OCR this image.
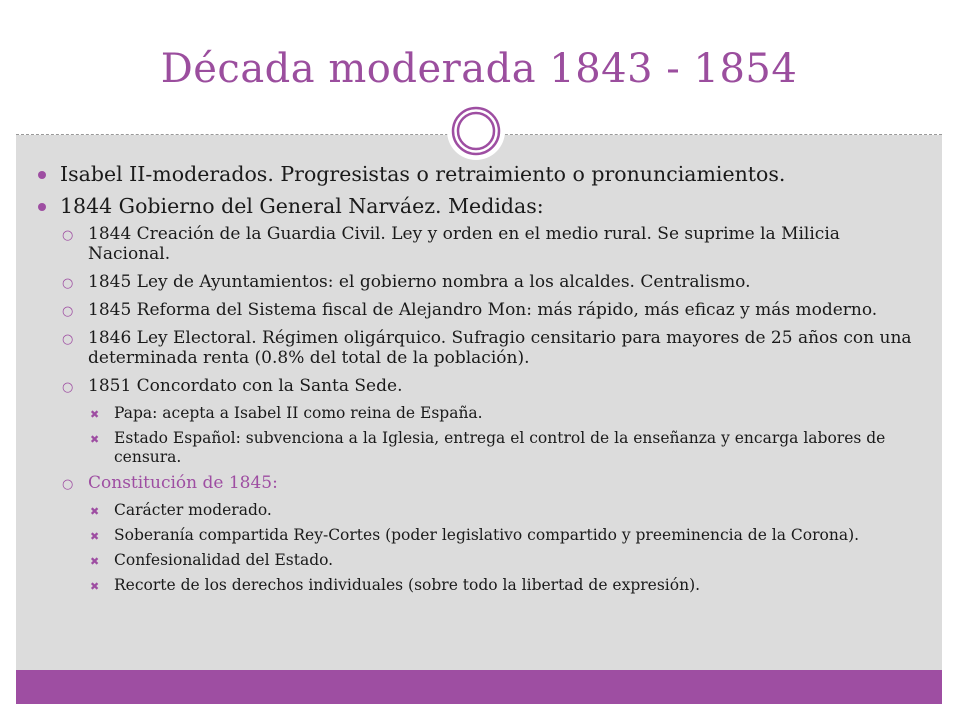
Década moderada 1843 - 1854
Isabel II-moderados. Progresistas o retraimiento o pronunciamientos.
1844 Gobierno del General Narváez. Medidas:
○ 1844 Creación de la Guardia Civil. Ley y orden en el medio rural. Se suprime la Milicia Nacional.
○ 1845 Ley de Ayuntamientos: el gobierno nombra a los alcaldes. Centralismo.
○ 1845 Reforma del Sistema fiscal de Alejandro Mon: más rápido, más eficaz y más moderno.
○ 1846 Ley Electoral. Régimen oligárquico. Sufragio censitario para mayores de 25 años con una determinada renta (0.8% del total de la población).
○ 1851 Concordato con la Santa Sede.
✖ Papa: acepta a Isabel II como reina de España.
✖ Estado Español: subvenciona a la Iglesia, entrega el control de la enseñanza y encarga labores de censura.
○ Constitución de 1845:
✖ Carácter moderado.
✖ Soberanía compartida Rey-Cortes (poder legislativo compartido y preeminencia de la Corona).
✖ Confesionalidad del Estado.
✖ Recorte de los derechos individuales (sobre todo la libertad de expresión).
